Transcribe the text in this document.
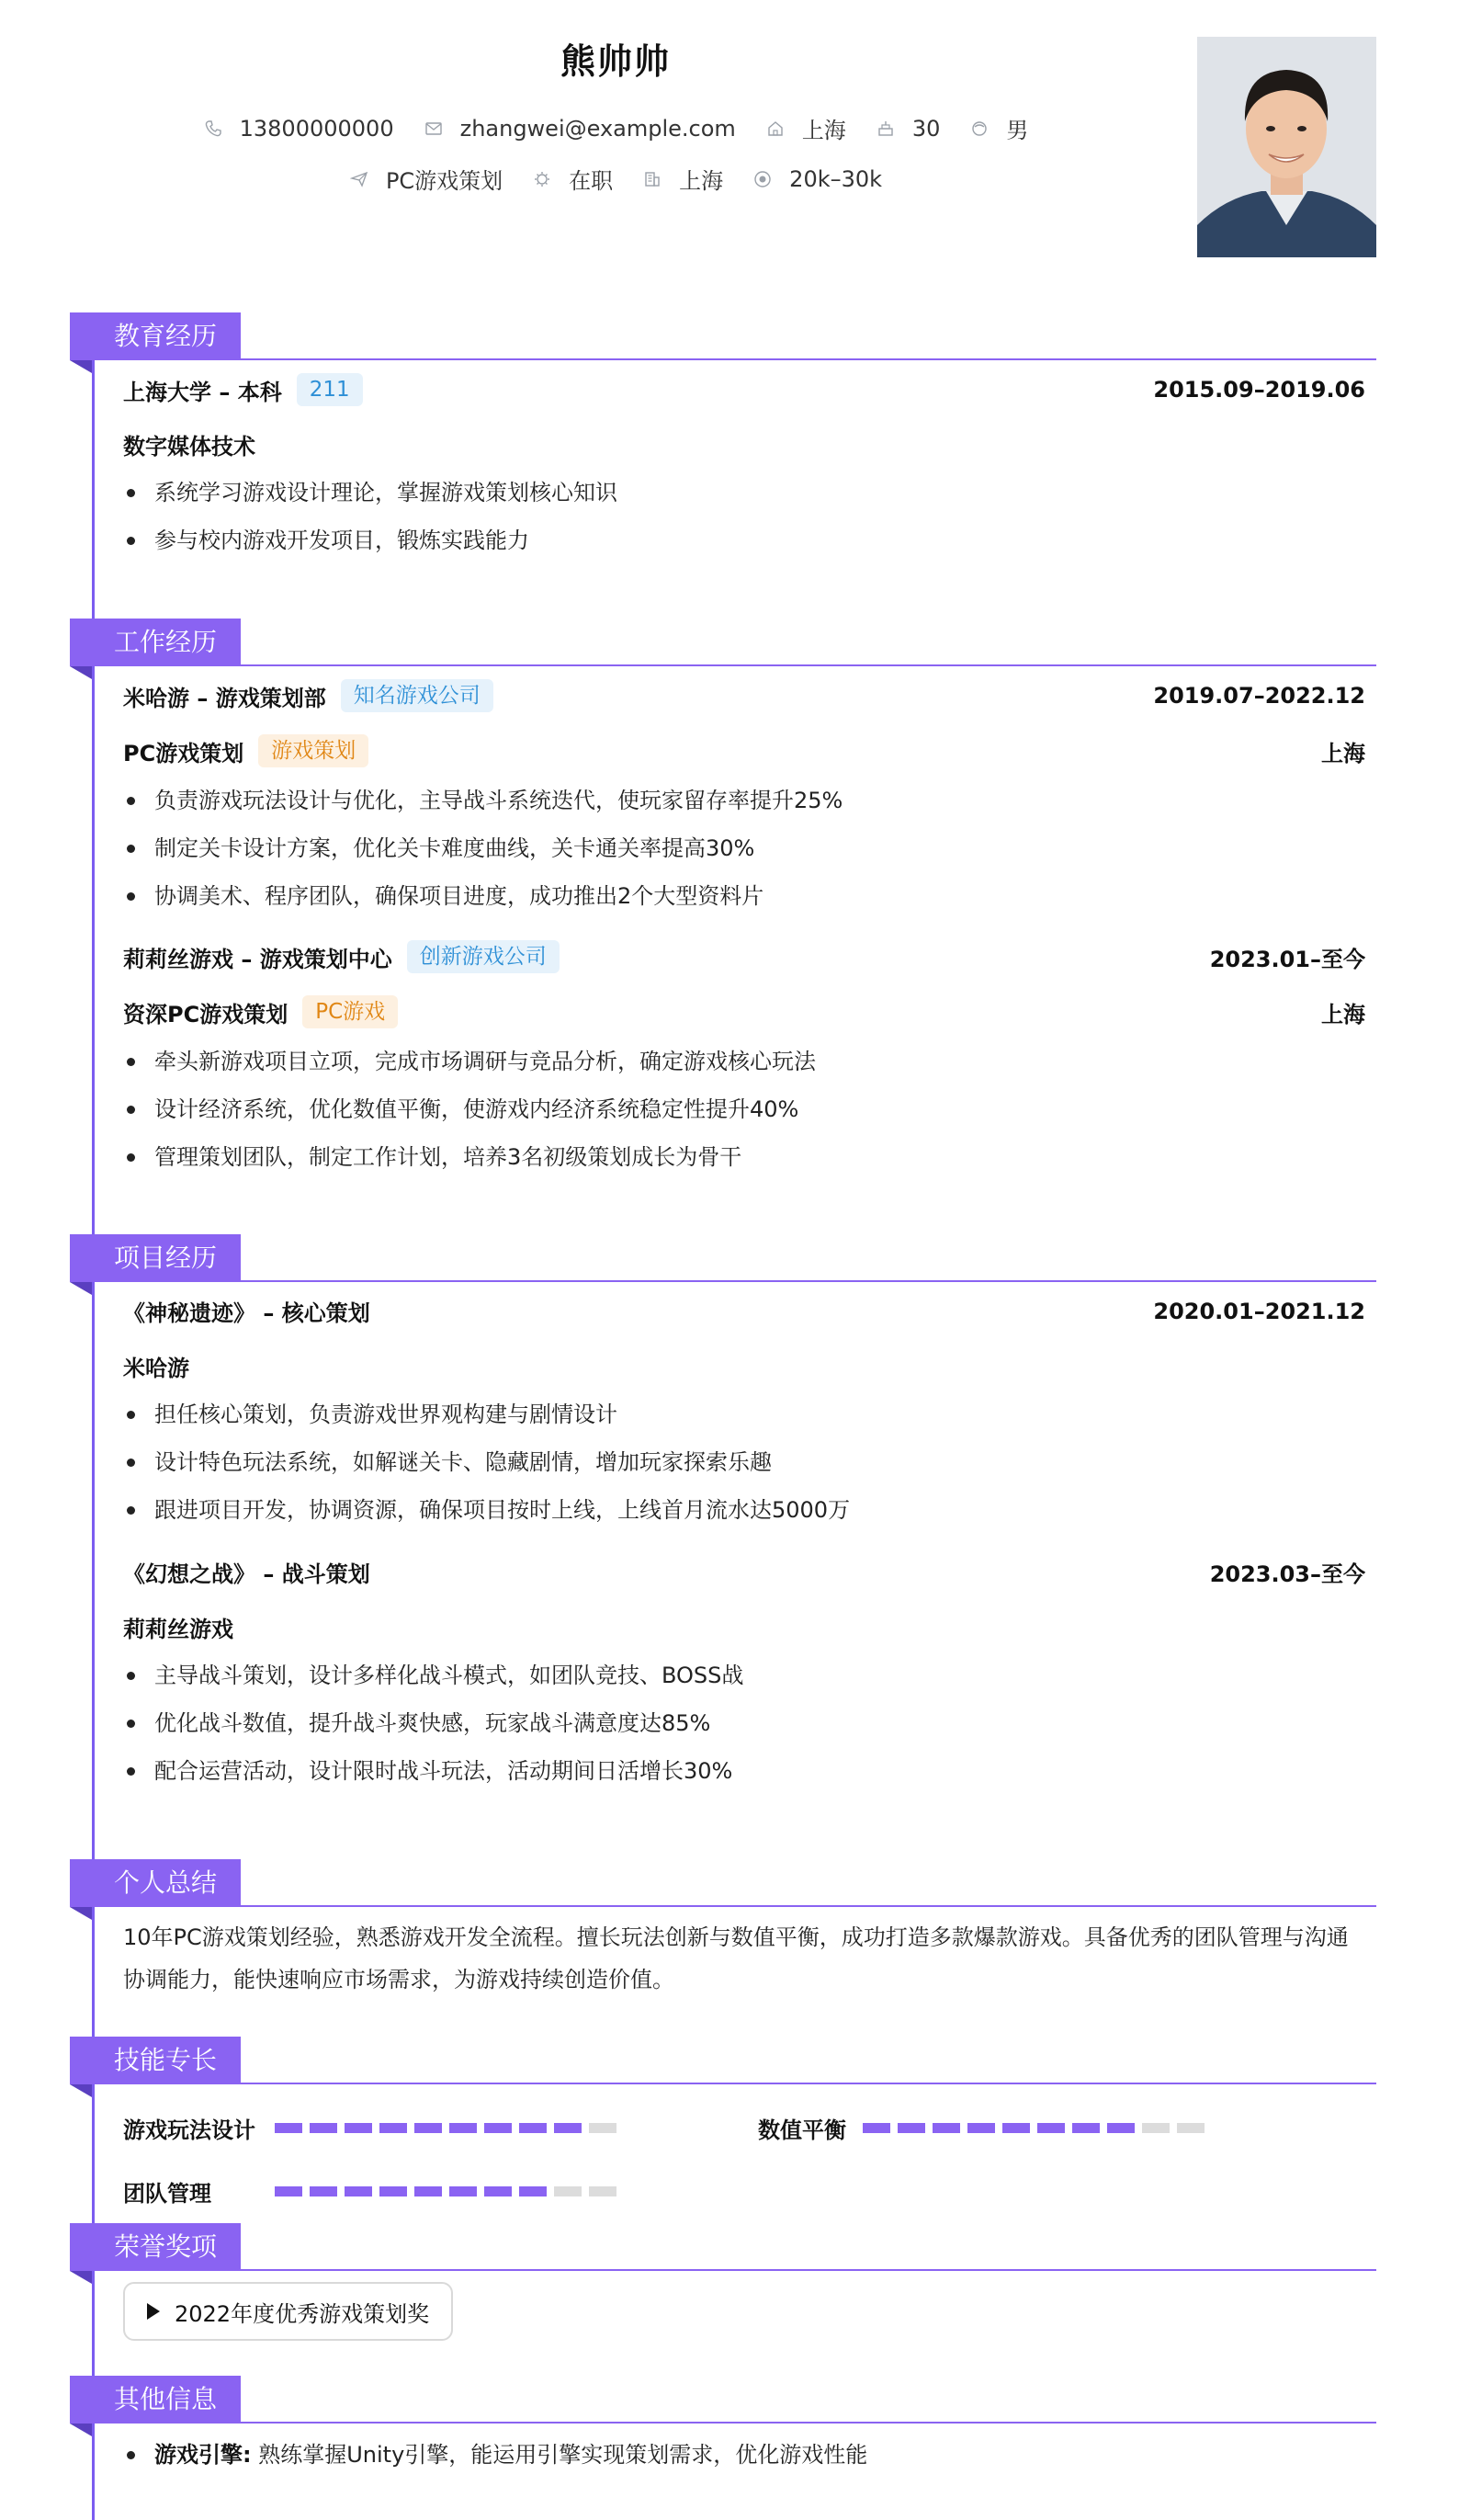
熊帅帅
13800000000	zhangwei@example.com	上海	30	男
PC游戏策划	在职	上海	20k–30k
教育经历
上海大学 – 本科	211	2015.09–2019.06
数字媒体技术
系统学习游戏设计理论，掌握游戏策划核心知识
参与校内游戏开发项目，锻炼实践能力
工作经历
米哈游 – 游戏策划部	知名游戏公司	2019.07–2022.12
PC游戏策划	游戏策划	上海
负责游戏玩法设计与优化，主导战斗系统迭代，使玩家留存率提升25%
制定关卡设计方案，优化关卡难度曲线，关卡通关率提高30%
协调美术、程序团队，确保项目进度，成功推出2个大型资料片
莉莉丝游戏 – 游戏策划中心	创新游戏公司	2023.01–至今
资深PC游戏策划	PC游戏	上海
牵头新游戏项目立项，完成市场调研与竞品分析，确定游戏核心玩法
设计经济系统，优化数值平衡，使游戏内经济系统稳定性提升40%
管理策划团队，制定工作计划，培养3名初级策划成长为骨干
项目经历
《神秘遗迹》 – 核心策划	2020.01–2021.12
米哈游
担任核心策划，负责游戏世界观构建与剧情设计
设计特色玩法系统，如解谜关卡、隐藏剧情，增加玩家探索乐趣
跟进项目开发，协调资源，确保项目按时上线，上线首月流水达5000万
《幻想之战》 – 战斗策划	2023.03–至今
莉莉丝游戏
主导战斗策划，设计多样化战斗模式，如团队竞技、BOSS战
优化战斗数值，提升战斗爽快感，玩家战斗满意度达85%
配合运营活动，设计限时战斗玩法，活动期间日活增长30%
个人总结
10年PC游戏策划经验，熟悉游戏开发全流程。擅长玩法创新与数值平衡，成功打造多款爆款游戏。具备优秀的团队管理与沟通
协调能力，能快速响应市场需求，为游戏持续创造价值。
技能专长
游戏玩法设计	数值平衡
团队管理
荣誉奖项
2022年度优秀游戏策划奖
其他信息
游戏引擎: 熟练掌握Unity引擎，能运用引擎实现策划需求，优化游戏性能
